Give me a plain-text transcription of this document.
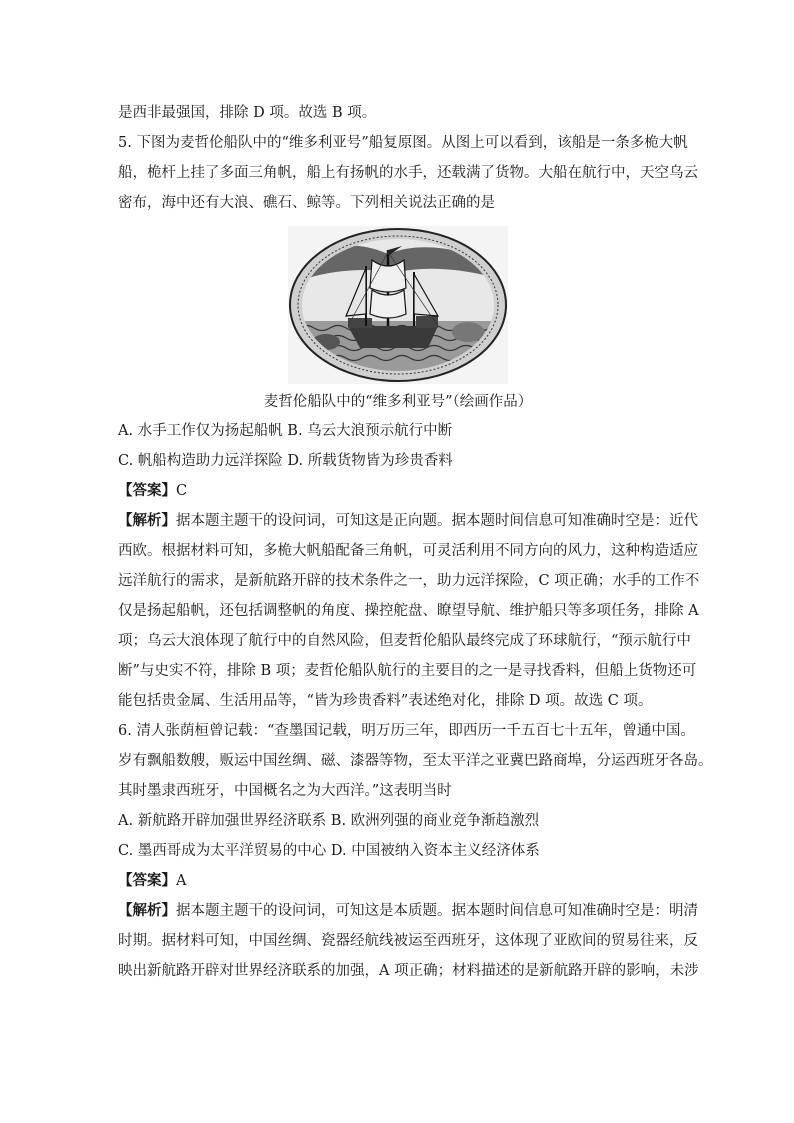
是西非最强国，排除 D 项。故选 B 项。
5. 下图为麦哲伦船队中的“维多利亚号”船复原图。从图上可以看到，该船是一条多桅大帆
船，桅杆上挂了多面三角帆，船上有扬帆的水手，还载满了货物。大船在航行中，天空乌云
密布，海中还有大浪、礁石、鲸等。下列相关说法正确的是
麦哲伦船队中的“维多利亚号”（绘画作品）
A. 水手工作仅为扬起船帆 B. 乌云大浪预示航行中断
C. 帆船构造助力远洋探险 D. 所载货物皆为珍贵香料
【答案】C
【解析】据本题主题干的设问词，可知这是正向题。据本题时间信息可知准确时空是：近代
西欧。根据材料可知，多桅大帆船配备三角帆，可灵活利用不同方向的风力，这种构造适应
远洋航行的需求，是新航路开辟的技术条件之一，助力远洋探险，C 项正确；水手的工作不
仅是扬起船帆，还包括调整帆的角度、操控舵盘、瞭望导航、维护船只等多项任务，排除 A
项；乌云大浪体现了航行中的自然风险，但麦哲伦船队最终完成了环球航行，“预示航行中
断”与史实不符，排除 B 项；麦哲伦船队航行的主要目的之一是寻找香料，但船上货物还可
能包括贵金属、生活用品等，“皆为珍贵香料”表述绝对化，排除 D 项。故选 C 项。
6. 清人张荫桓曾记载：“查墨国记载，明万历三年，即西历一千五百七十五年，曾通中国。
岁有飘船数艘，贩运中国丝绸、磁、漆器等物，至太平洋之亚冀巴路商埠，分运西班牙各岛。
其时墨隶西班牙，中国概名之为大西洋。”这表明当时
A. 新航路开辟加强世界经济联系 B. 欧洲列强的商业竞争渐趋激烈
C. 墨西哥成为太平洋贸易的中心 D. 中国被纳入资本主义经济体系
【答案】A
【解析】据本题主题干的设问词，可知这是本质题。据本题时间信息可知准确时空是：明清
时期。据材料可知，中国丝绸、瓷器经航线被运至西班牙，这体现了亚欧间的贸易往来，反
映出新航路开辟对世界经济联系的加强，A 项正确；材料描述的是新航路开辟的影响，未涉
